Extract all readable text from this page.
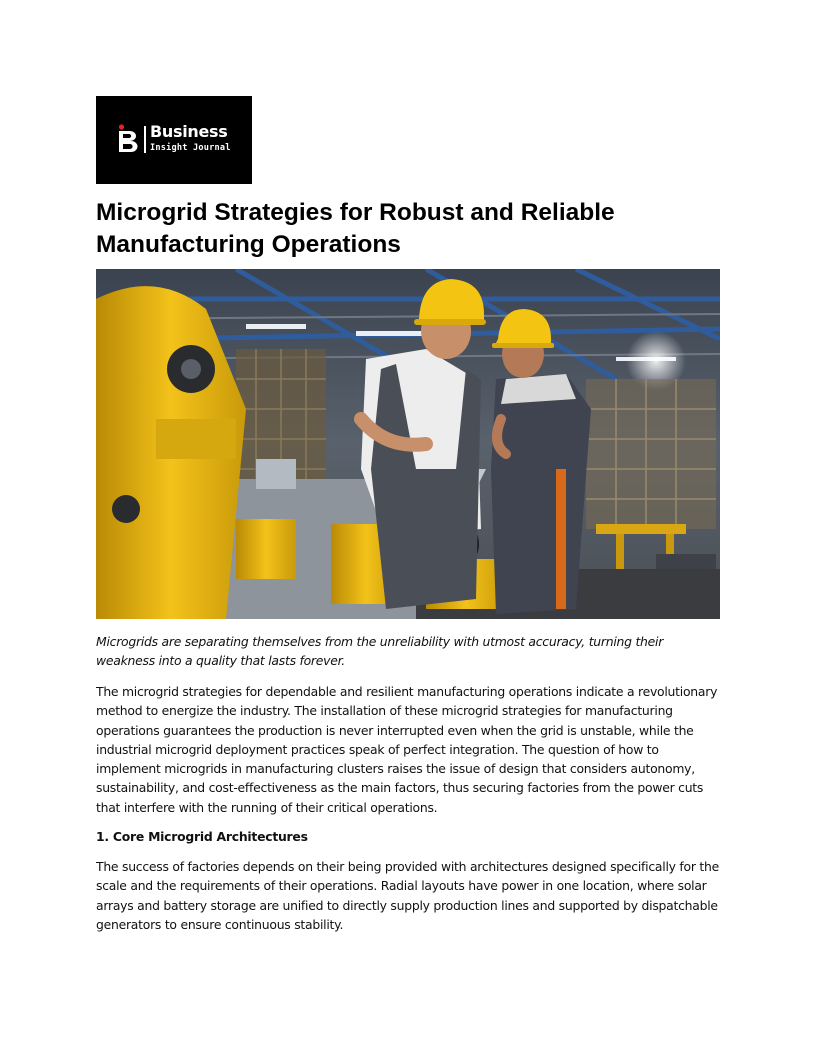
Business
Insight Journal
Microgrid Strategies for Robust and Reliable Manufacturing Operations

Microgrids are separating themselves from the unreliability with utmost accuracy, turning their weakness into a quality that lasts forever.

The microgrid strategies for dependable and resilient manufacturing operations indicate a revolutionary method to energize the industry. The installation of these microgrid strategies for manufacturing operations guarantees the production is never interrupted even when the grid is unstable, while the industrial microgrid deployment practices speak of perfect integration. The question of how to implement microgrids in manufacturing clusters raises the issue of design that considers autonomy, sustainability, and cost-effectiveness as the main factors, thus securing factories from the power cuts that interfere with the running of their critical operations.

1. Core Microgrid Architectures

The success of factories depends on their being provided with architectures designed specifically for the scale and the requirements of their operations. Radial layouts have power in one location, where solar arrays and battery storage are unified to directly supply production lines and supported by dispatchable generators to ensure continuous stability.
